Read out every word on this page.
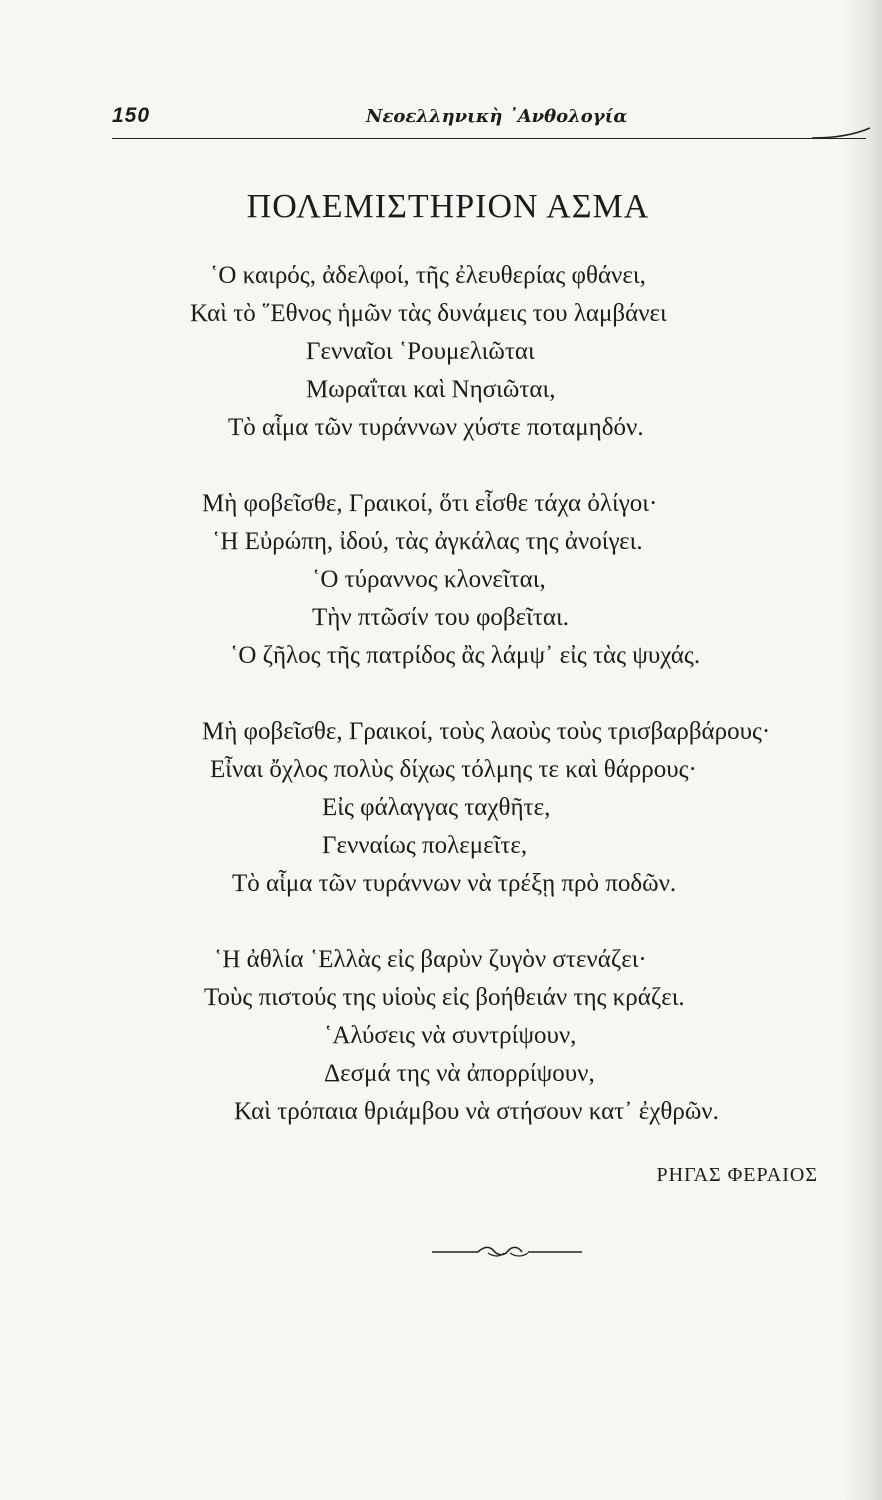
150	Νεοελληνικὴ ᾿Ανθολογία
ΠΟΛΕΜΙΣΤΗΡΙΟΝ ΑΣΜΑ
῾Ο καιρός, ἀδελφοί, τῆς ἐλευθερίας φθάνει,
Καὶ τὸ ῞Εθνος ἡμῶν τὰς δυνάμεις του λαμβάνει
Γενναῖοι ῾Ρουμελιῶται
Μωραΐται καὶ Νησιῶται,
Τὸ αἷμα τῶν τυράννων χύστε ποταμηδόν.
Μὴ φοβεῖσθε, Γραικοί, ὅτι εἶσθε τάχα ὀλίγοι·
῾Η Εὐρώπη, ἰδού, τὰς ἀγκάλας της ἀνοίγει.
῾Ο τύραννος κλονεῖται,
Τὴν πτῶσίν του φοβεῖται.
῾Ο ζῆλος τῆς πατρίδος ἂς λάμψ᾿ εἰς τὰς ψυχάς.
Μὴ φοβεῖσθε, Γραικοί, τοὺς λαοὺς τοὺς τρισβαρβάρους·
Εἶναι ὄχλος πολὺς δίχως τόλμης τε καὶ θάρρους·
Εἰς φάλαγγας ταχθῆτε,
Γενναίως πολεμεῖτε,
Τὸ αἷμα τῶν τυράννων νὰ τρέξῃ πρὸ ποδῶν.
῾Η ἀθλία ῾Ελλὰς εἰς βαρὺν ζυγὸν στενάζει·
Τοὺς πιστούς της υἱοὺς εἰς βοήθειάν της κράζει.
῾Αλύσεις νὰ συντρίψουν,
Δεσμά της νὰ ἀπορρίψουν,
Καὶ τρόπαια θριάμβου νὰ στήσουν κατ᾿ ἐχθρῶν.
ΡΗΓΑΣ ΦΕΡΑΙΟΣ
